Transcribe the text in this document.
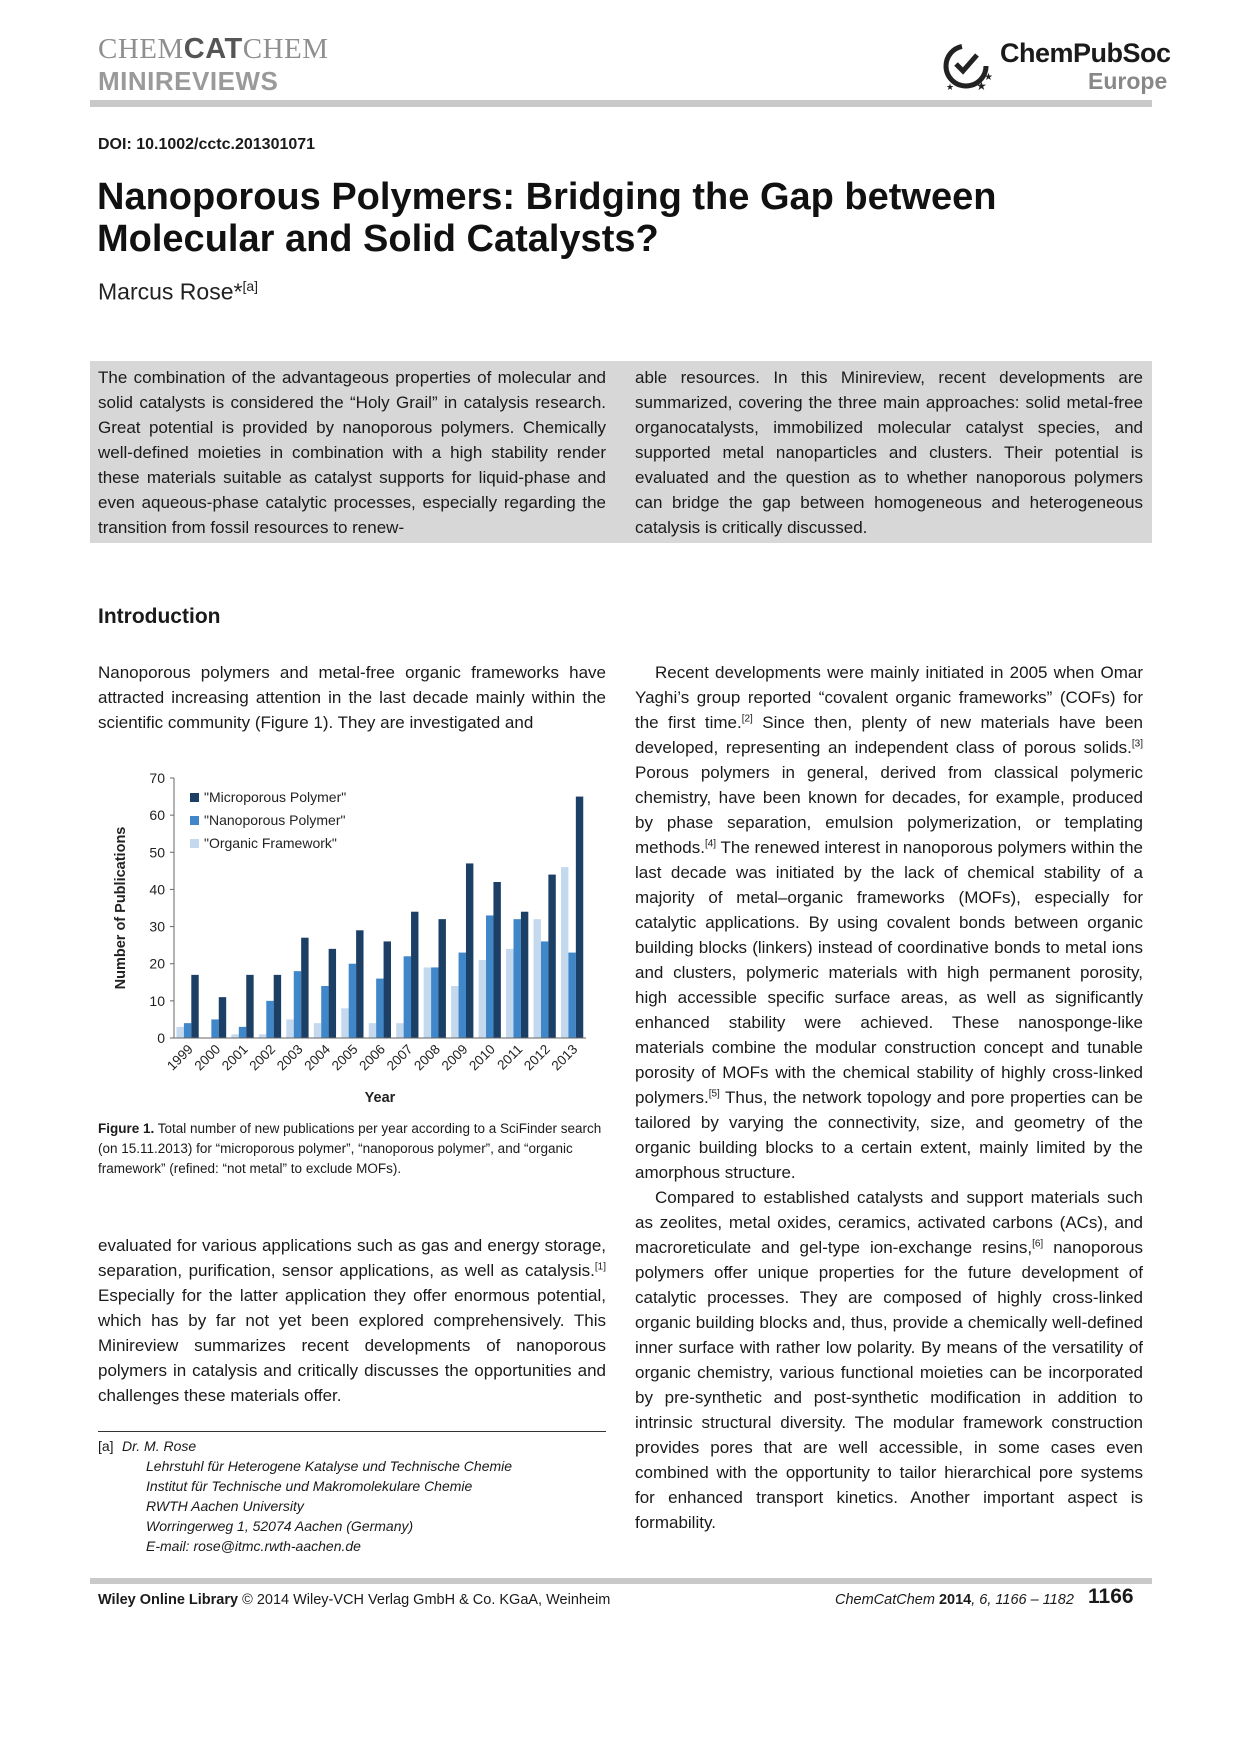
CHEMCATCHEM
MINIREVIEWS	★
★
★
ChemPubSoc
Europe
DOI: 10.1002/cctc.201301071
Nanoporous Polymers: Bridging the Gap between
Molecular and Solid Catalysts?
Marcus Rose*[a]
The combination of the advantageous properties of molecular and solid catalysts is considered the “Holy Grail” in catalysis research. Great potential is provided by nanoporous polymers. Chemically well-defined moieties in combination with a high stability render these materials suitable as catalyst supports for liquid-phase and even aqueous-phase catalytic processes, especially regarding the transition from fossil resources to renew-
able resources. In this Minireview, recent developments are summarized, covering the three main approaches: solid metal-free organocatalysts, immobilized molecular catalyst species, and supported metal nanoparticles and clusters. Their potential is evaluated and the question as to whether nanoporous polymers can bridge the gap between homogeneous and heterogeneous catalysis is critically discussed.
Introduction
Nanoporous polymers and metal-free organic frameworks have attracted increasing attention in the last decade mainly within the scientific community (Figure 1). They are investigated and
0
10
20
30
40
50
60
70
1999
2000
2001
2002
2003
2004
2005
2006
2007
2008
2009
2010
2011
2012
2013
Year
Number of Publications
"Microporous Polymer"
"Nanoporous Polymer"
"Organic Framework"
Figure 1. Total number of new publications per year according to a SciFinder search (on 15.11.2013) for “microporous polymer”, “nanoporous polymer”, and “organic framework” (refined: “not metal” to exclude MOFs).
evaluated for various applications such as gas and energy storage, separation, purification, sensor applications, as well as catalysis.[1] Especially for the latter application they offer enormous potential, which has by far not yet been explored comprehensively. This Minireview summarizes recent developments of nanoporous polymers in catalysis and critically discusses the opportunities and challenges these materials offer.
[a] Dr. M. Rose
Lehrstuhl für Heterogene Katalyse und Technische Chemie
Institut für Technische und Makromolekulare Chemie
RWTH Aachen University
Worringerweg 1, 52074 Aachen (Germany)
E-mail: rose@itmc.rwth-aachen.de

Recent developments were mainly initiated in 2005 when Omar Yaghi’s group reported “covalent organic frameworks” (COFs) for the first time.[2] Since then, plenty of new materials have been developed, representing an independent class of porous solids.[3] Porous polymers in general, derived from classical polymeric chemistry, have been known for decades, for example, produced by phase separation, emulsion polymerization, or templating methods.[4] The renewed interest in nanoporous polymers within the last decade was initiated by the lack of chemical stability of a majority of metal–organic frameworks (MOFs), especially for catalytic applications. By using covalent bonds between organic building blocks (linkers) instead of coordinative bonds to metal ions and clusters, polymeric materials with high permanent porosity, high accessible specific surface areas, as well as significantly enhanced stability were achieved. These nanosponge-like materials combine the modular construction concept and tunable porosity of MOFs with the chemical stability of highly cross-linked polymers.[5] Thus, the network topology and pore properties can be tailored by varying the connectivity, size, and geometry of the organic building blocks to a certain extent, mainly limited by the amorphous structure.

Compared to established catalysts and support materials such as zeolites, metal oxides, ceramics, activated carbons (ACs), and macroreticulate and gel-type ion-exchange resins,[6] nanoporous polymers offer unique properties for the future development of catalytic processes. They are composed of highly cross-linked organic building blocks and, thus, provide a chemically well-defined inner surface with rather low polarity. By means of the versatility of organic chemistry, various functional moieties can be incorporated by pre-synthetic and post-synthetic modification in addition to intrinsic structural diversity. The modular framework construction provides pores that are well accessible, in some cases even combined with the opportunity to tailor hierarchical pore systems for enhanced transport kinetics. Another important aspect is formability.

Wiley Online Library © 2014 Wiley-VCH Verlag GmbH & Co. KGaA, Weinheim	ChemCatChem 2014, 6, 1166 – 1182 1166
